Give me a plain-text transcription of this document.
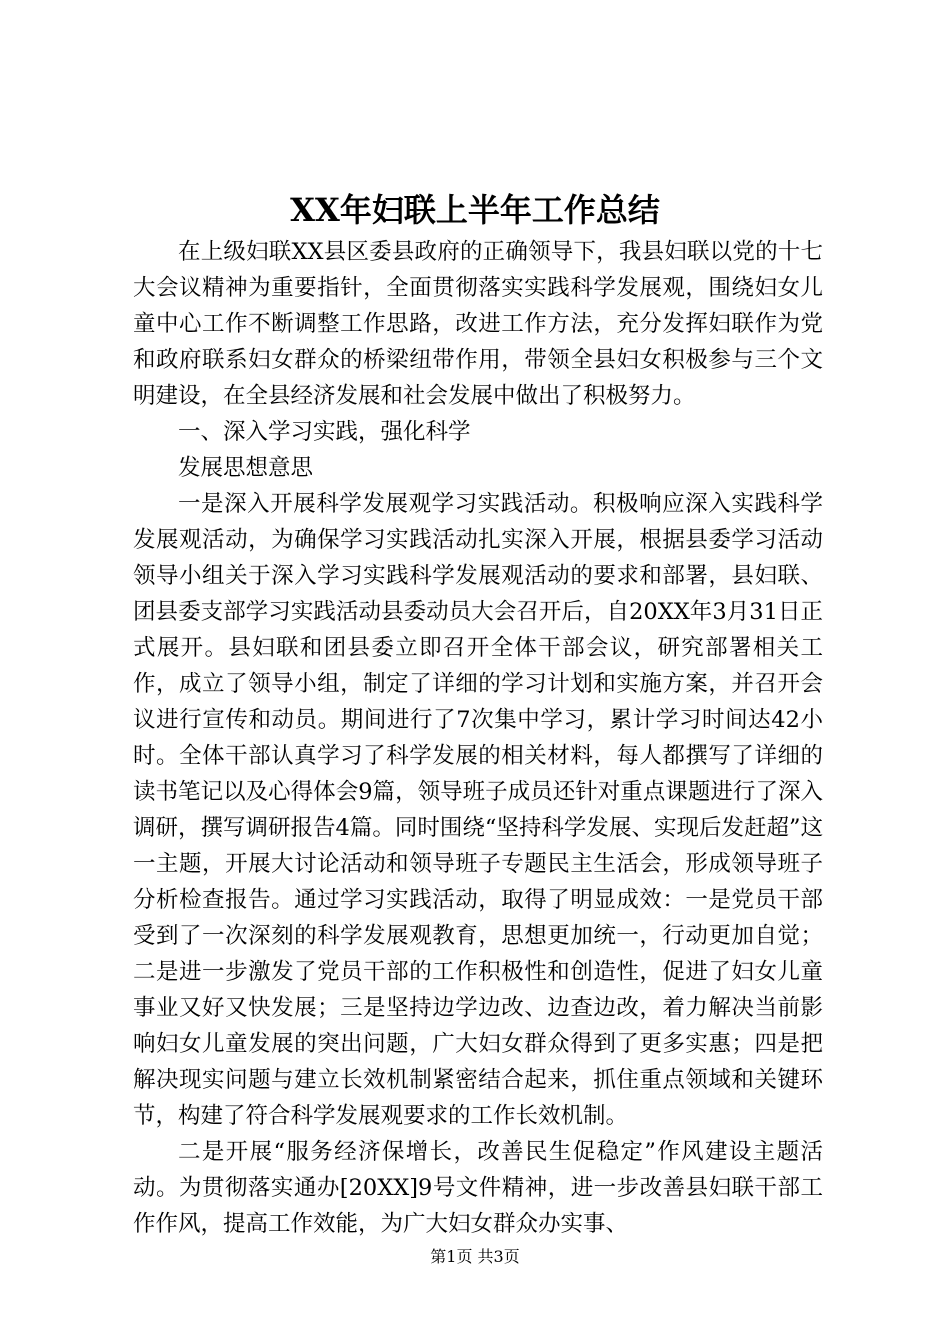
XX年妇联上半年工作总结

在上级妇联XX县区委县政府的正确领导下，我县妇联以党的十七大会议精神为重要指针，全面贯彻落实实践科学发展观，围绕妇女儿童中心工作不断调整工作思路，改进工作方法，充分发挥妇联作为党和政府联系妇女群众的桥梁纽带作用，带领全县妇女积极参与三个文明建设，在全县经济发展和社会发展中做出了积极努力。

一、深入学习实践，强化科学

发展思想意思

一是深入开展科学发展观学习实践活动。积极响应深入实践科学发展观活动，为确保学习实践活动扎实深入开展，根据县委学习活动领导小组关于深入学习实践科学发展观活动的要求和部署，县妇联、团县委支部学习实践活动县委动员大会召开后，自20XX年3月31日正式展开。县妇联和团县委立即召开全体干部会议，研究部署相关工作，成立了领导小组，制定了详细的学习计划和实施方案，并召开会议进行宣传和动员。期间进行了7次集中学习，累计学习时间达42小时。全体干部认真学习了科学发展的相关材料，每人都撰写了详细的读书笔记以及心得体会9篇，领导班子成员还针对重点课题进行了深入调研，撰写调研报告4篇。同时围绕“坚持科学发展、实现后发赶超”这一主题，开展大讨论活动和领导班子专题民主生活会，形成领导班子分析检查报告。通过学习实践活动，取得了明显成效：一是党员干部受到了一次深刻的科学发展观教育，思想更加统一，行动更加自觉；二是进一步激发了党员干部的工作积极性和创造性，促进了妇女儿童事业又好又快发展；三是坚持边学边改、边查边改，着力解决当前影响妇女儿童发展的突出问题，广大妇女群众得到了更多实惠；四是把解决现实问题与建立长效机制紧密结合起来，抓住重点领域和关键环节，构建了符合科学发展观要求的工作长效机制。

二是开展“服务经济保增长，改善民生促稳定”作风建设主题活动。为贯彻落实通办[20XX]9号文件精神，进一步改善县妇联干部工作作风，提高工作效能，为广大妇女群众办实事、

第1页 共3页
